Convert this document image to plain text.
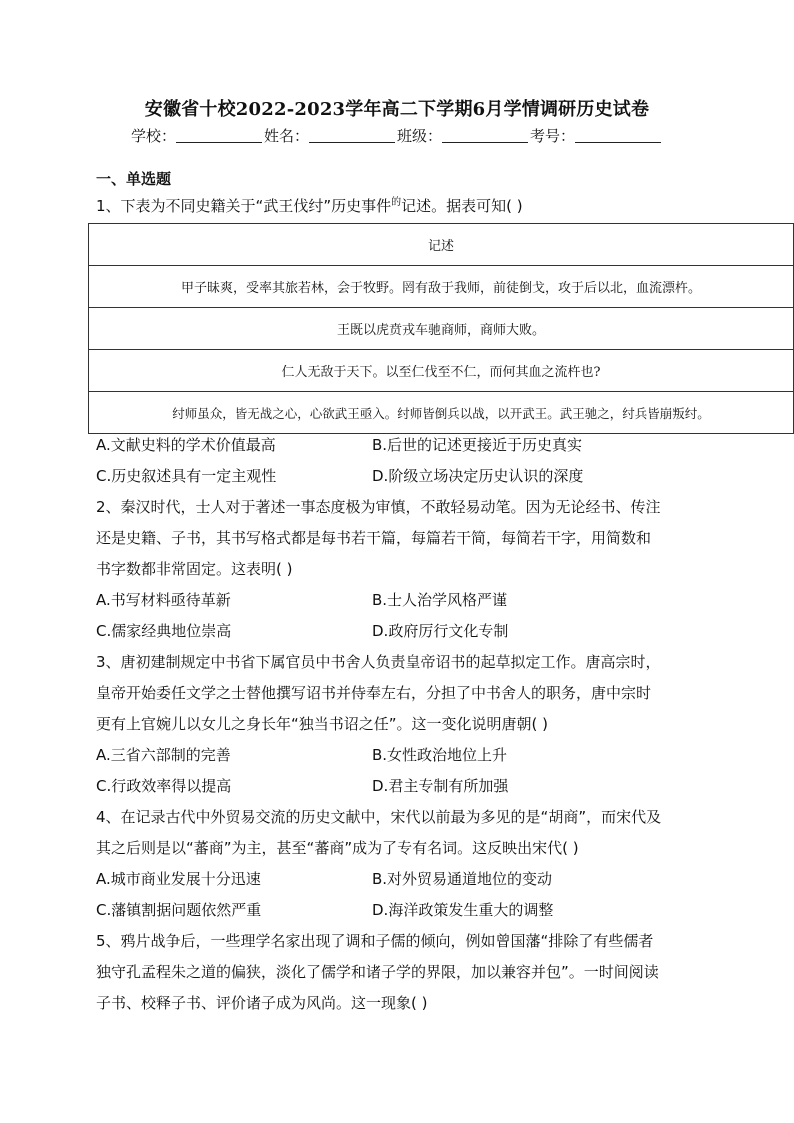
安徽省十校2022-2023学年高二下学期6月学情调研历史试卷
学校：	姓名：	班级：	考号：
一、单选题

1、下表为不同史籍关于“武王伐纣”历史事件$^的$记述。据表可知( )

记述
甲子昧爽，受率其旅若林，会于牧野。罔有敌于我师，前徒倒戈，攻于后以北，血流漂杵。
王既以虎贲戎车驰商师，商师大败。
仁人无敌于天下。以至仁伐至不仁，而何其血之流杵也?
纣师虽众，皆无战之心，心欲武王亟入。纣师皆倒兵以战，以开武王。武王驰之，纣兵皆崩叛纣。
A.文献史料的学术价值最高	B.后世的记述更接近于历史真实
C.历史叙述具有一定主观性	D.阶级立场决定历史认识的深度

2、秦汉时代，士人对于著述一事态度极为审慎，不敢轻易动笔。因为无论经书、传注

还是史籍、子书，其书写格式都是每书若干篇，每篇若干简，每简若干字，用简数和

书字数都非常固定。这表明( )

A.书写材料亟待革新	B.士人治学风格严谨
C.儒家经典地位崇高	D.政府厉行文化专制

3、唐初建制规定中书省下属官员中书舍人负责皇帝诏书的起草拟定工作。唐高宗时，

皇帝开始委任文学之士替他撰写诏书并侍奉左右，分担了中书舍人的职务，唐中宗时

更有上官婉儿以女儿之身长年“独当书诏之任”。这一变化说明唐朝( )

A.三省六部制的完善	B.女性政治地位上升
C.行政效率得以提高	D.君主专制有所加强

4、在记录古代中外贸易交流的历史文献中，宋代以前最为多见的是“胡商”，而宋代及

其之后则是以“蕃商”为主，甚至“蕃商”成为了专有名词。这反映出宋代( )

A.城市商业发展十分迅速	B.对外贸易通道地位的变动
C.藩镇割据问题依然严重	D.海洋政策发生重大的调整

5、鸦片战争后，一些理学名家出现了调和子儒的倾向，例如曾国藩“排除了有些儒者

独守孔孟程朱之道的偏狭，淡化了儒学和诸子学的界限，加以兼容并包”。一时间阅读

子书、校释子书、评价诸子成为风尚。这一现象( )
